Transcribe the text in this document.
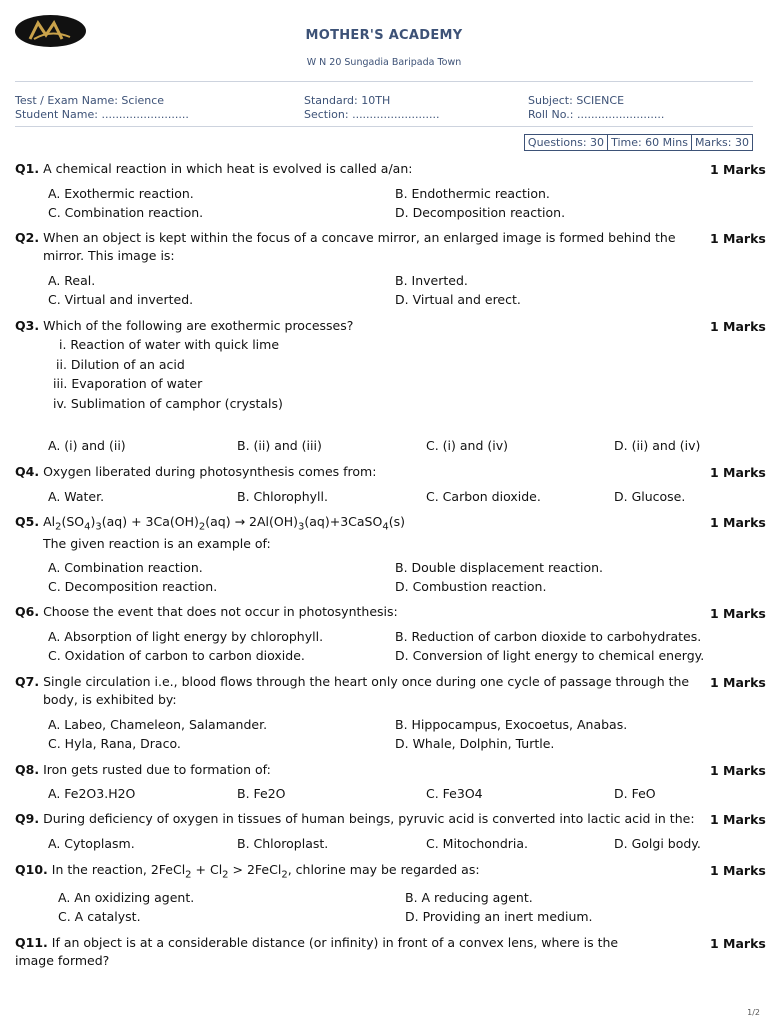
MOTHER'S ACADEMY
W N 20 Sungadia Baripada Town
Test / Exam Name: Science
Student Name: .........................
Standard: 10TH
Section: .........................
Subject: SCIENCE
Roll No.: .........................
Questions: 30 Time: 60 Mins Marks: 30
Q1. A chemical reaction in which heat is evolved is called a/an:	1 Marks
A. Exothermic reaction.	B. Endothermic reaction.
C. Combination reaction.	D. Decomposition reaction.
Q2. When an object is kept within the focus of a concave mirror, an enlarged image is formed behind the
mirror. This image is:
1 Marks
A. Real.	B. Inverted.
C. Virtual and inverted.	D. Virtual and erect.
Q3. Which of the following are exothermic processes?	1 Marks
i. Reaction of water with quick lime
ii. Dilution of an acid
iii. Evaporation of water
iv. Sublimation of camphor (crystals)
A. (i) and (ii)	B. (ii) and (iii)	C. (i) and (iv)	D. (ii) and (iv)
Q4. Oxygen liberated during photosynthesis comes from:	1 Marks
A. Water.	B. Chlorophyll.	C. Carbon dioxide.	D. Glucose.
Q5. $Al_2(SO_4)_3(aq) + 3Ca(OH)_2(aq)$ → $2Al(OH)_3(aq)+3CaSO_4(s)$
The given reaction is an example of:
1 Marks
A. Combination reaction.	B. Double displacement reaction.
C. Decomposition reaction.	D. Combustion reaction.
Q6. Choose the event that does not occur in photosynthesis:	1 Marks
A. Absorption of light energy by chlorophyll.	B. Reduction of carbon dioxide to carbohydrates.
C. Oxidation of carbon to carbon dioxide.	D. Conversion of light energy to chemical energy.
Q7. Single circulation i.e., blood flows through the heart only once during one cycle of passage through the
body, is exhibited by:
1 Marks
A. Labeo, Chameleon, Salamander.	B. Hippocampus, Exocoetus, Anabas.
C. Hyla, Rana, Draco.	D. Whale, Dolphin, Turtle.
Q8. Iron gets rusted due to formation of:	1 Marks
A. Fe2O3.H2O	B. Fe2O	C. Fe3O4	D. FeO
Q9. During deficiency of oxygen in tissues of human beings, pyruvic acid is converted into lactic acid in the: 1 Marks
A. Cytoplasm.	B. Chloroplast.	C. Mitochondria.	D. Golgi body.
Q10. In the reaction, 2FeCl$_2$ + $Cl_2$ > 2FeCl$_2$, chlorine may be regarded as:	1 Marks
A. An oxidizing agent.	B. A reducing agent.
C. A catalyst.	D. Providing an inert medium.
Q11. If an object is at a considerable distance (or infinity) in front of a convex lens, where is the
image formed?
1 Marks
1/2
